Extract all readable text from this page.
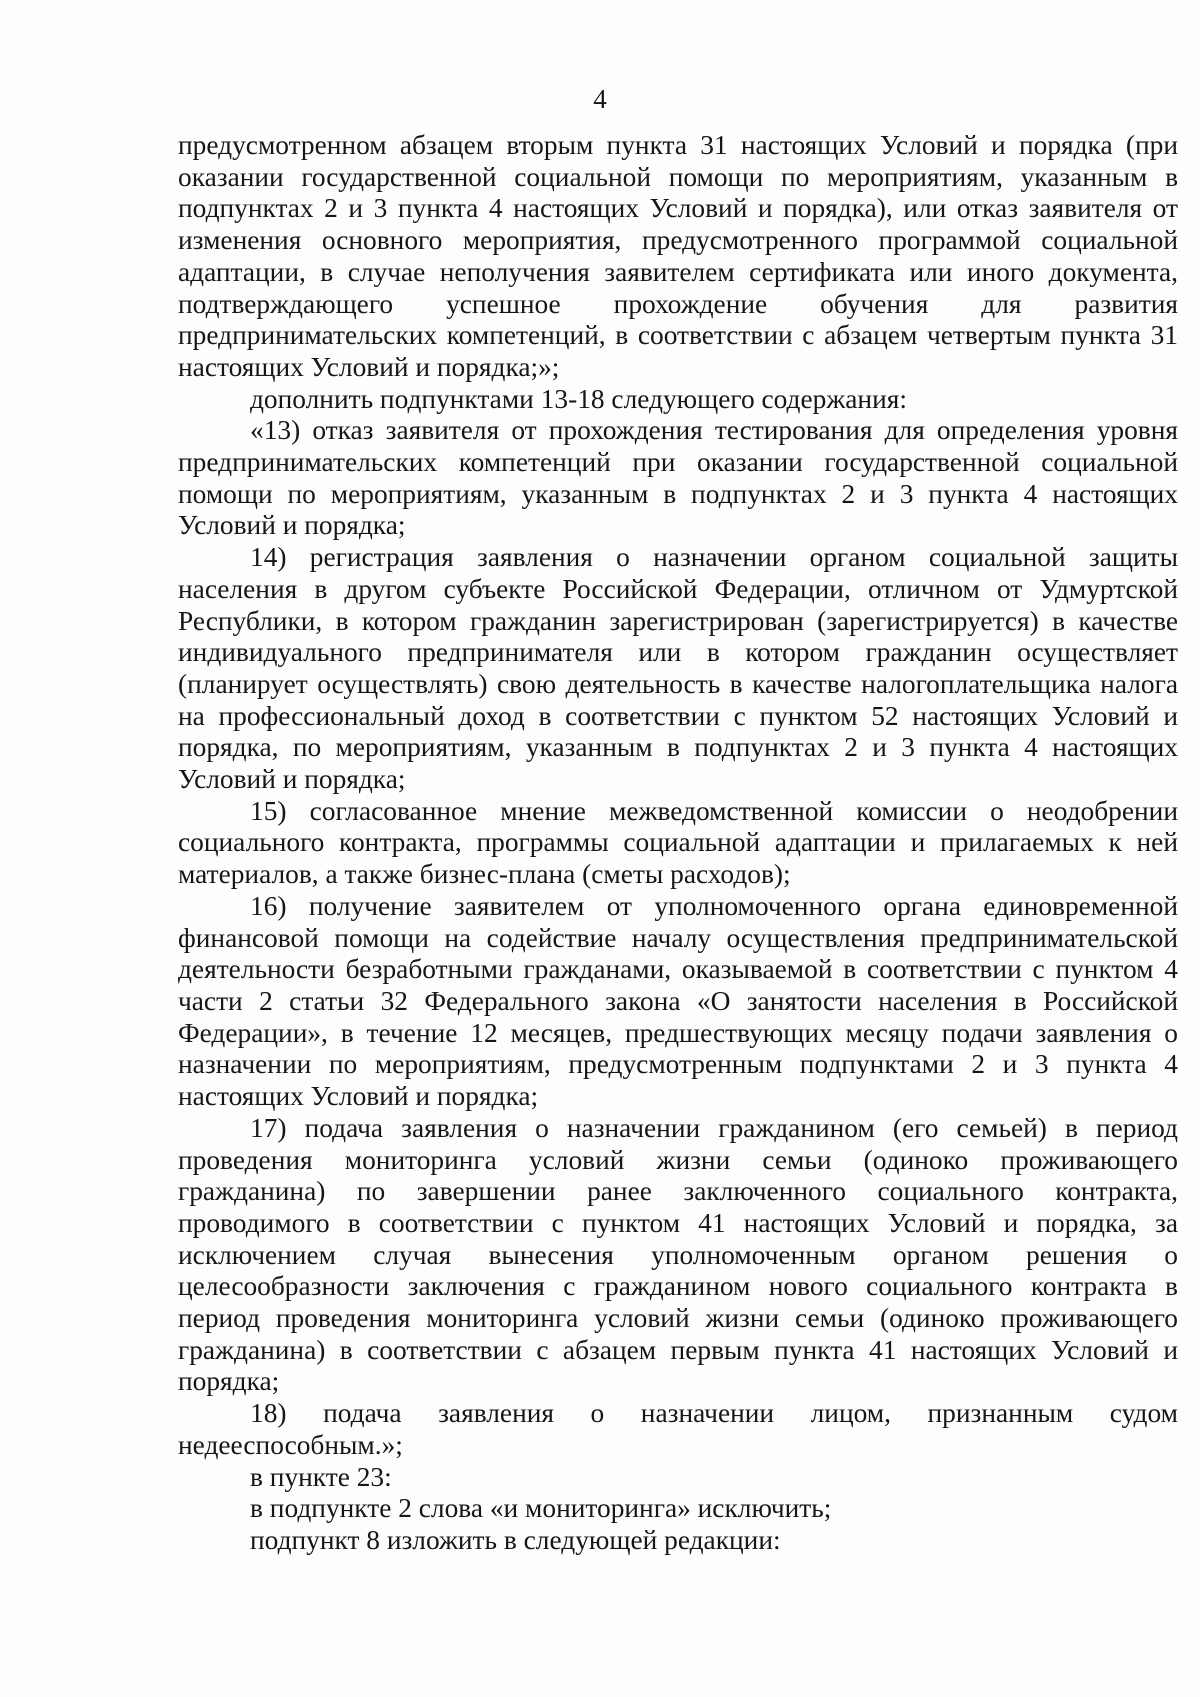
4

предусмотренном абзацем вторым пункта 31 настоящих Условий и порядка (при оказании государственной социальной помощи по мероприятиям, указанным в подпунктах 2 и 3 пункта 4 настоящих Условий и порядка), или отказ заявителя от изменения основного мероприятия, предусмотренного программой социальной адаптации, в случае неполучения заявителем сертификата или иного документа, подтверждающего успешное прохождение обучения для развития предпринимательских компетенций, в соответствии с абзацем четвертым пункта 31 настоящих Условий и порядка;»;

дополнить подпунктами 13-18 следующего содержания:

«13) отказ заявителя от прохождения тестирования для определения уровня предпринимательских компетенций при оказании государственной социальной помощи по мероприятиям, указанным в подпунктах 2 и 3 пункта 4 настоящих Условий и порядка;

14) регистрация заявления о назначении органом социальной защиты населения в другом субъекте Российской Федерации, отличном от Удмуртской Республики, в котором гражданин зарегистрирован (зарегистрируется) в качестве индивидуального предпринимателя или в котором гражданин осуществляет (планирует осуществлять) свою деятельность в качестве налогоплательщика налога на профессиональный доход в соответствии с пунктом 52 настоящих Условий и порядка, по мероприятиям, указанным в подпунктах 2 и 3 пункта 4 настоящих Условий и порядка;

15) согласованное мнение межведомственной комиссии о неодобрении социального контракта, программы социальной адаптации и прилагаемых к ней материалов, а также бизнес-плана (сметы расходов);

16) получение заявителем от уполномоченного органа единовременной финансовой помощи на содействие началу осуществления предпринимательской деятельности безработными гражданами, оказываемой в соответствии с пунктом 4 части 2 статьи 32 Федерального закона «О занятости населения в Российской Федерации», в течение 12 месяцев, предшествующих месяцу подачи заявления о назначении по мероприятиям, предусмотренным подпунктами 2 и 3 пункта 4 настоящих Условий и порядка;

17) подача заявления о назначении гражданином (его семьей) в период проведения мониторинга условий жизни семьи (одиноко проживающего гражданина) по завершении ранее заключенного социального контракта, проводимого в соответствии с пунктом 41 настоящих Условий и порядка, за исключением случая вынесения уполномоченным органом решения о целесообразности заключения с гражданином нового социального контракта в период проведения мониторинга условий жизни семьи (одиноко проживающего гражданина) в соответствии с абзацем первым пункта 41 настоящих Условий и порядка;

18) подача заявления о назначении лицом, признанным судом недееспособным.»;

в пункте 23:

в подпункте 2 слова «и мониторинга» исключить;

подпункт 8 изложить в следующей редакции:
